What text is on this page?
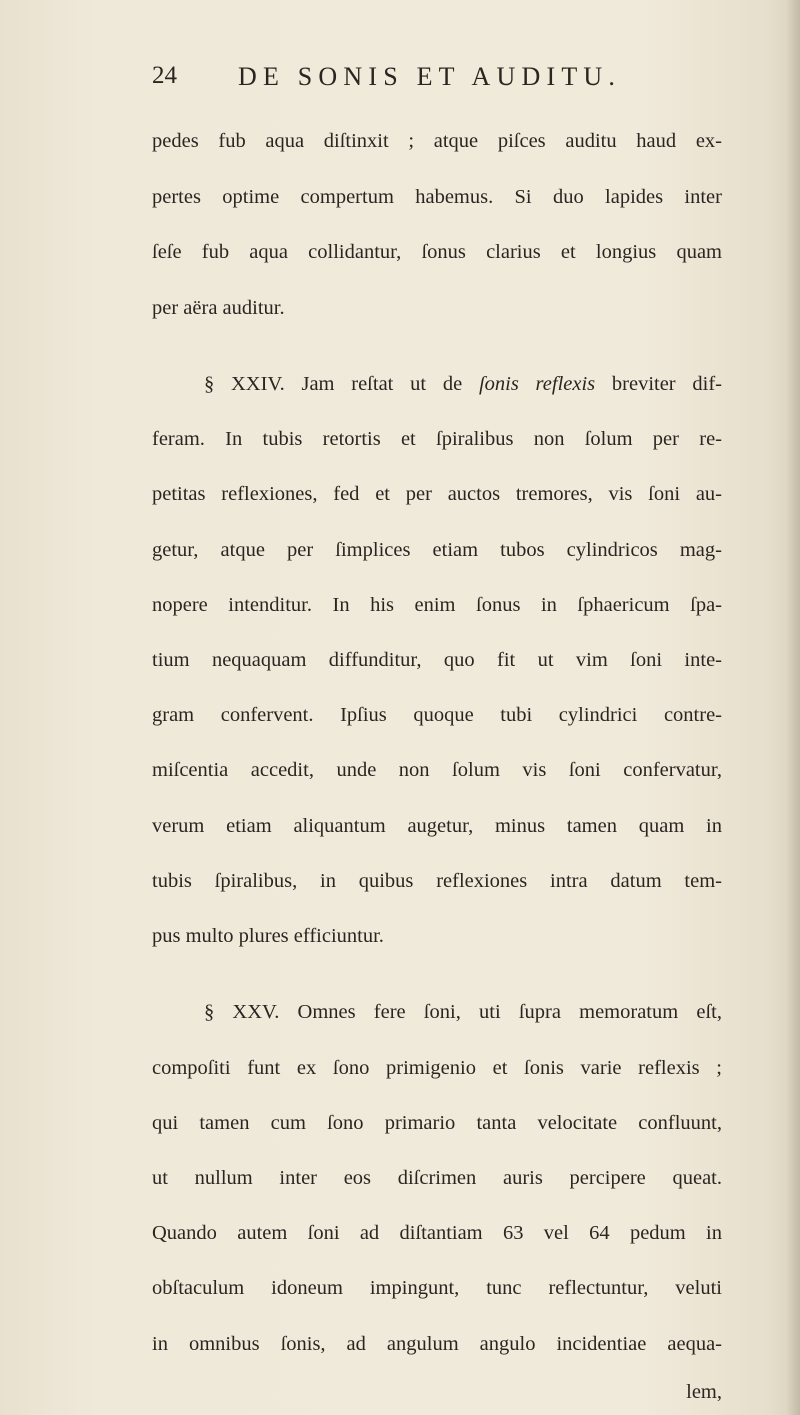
24 DE SONIS ET AUDITU.
pedes fub aqua diſtinxit ; atque piſces auditu haud ex-
pertes optime compertum habemus. Si duo lapides inter
ſeſe fub aqua collidantur, ſonus clarius et longius quam
per aëra auditur.
§ XXIV. Jam reſtat ut de ſonis reflexis breviter dif-
feram. In tubis retortis et ſpiralibus non ſolum per re-
petitas reflexiones, fed et per auctos tremores, vis ſoni au-
getur, atque per ſimplices etiam tubos cylindricos mag-
nopere intenditur. In his enim ſonus in ſphaericum ſpa-
tium nequaquam diffunditur, quo fit ut vim ſoni inte-
gram confervent. Ipſius quoque tubi cylindrici contre-
miſcentia accedit, unde non ſolum vis ſoni confervatur,
verum etiam aliquantum augetur, minus tamen quam in
tubis ſpiralibus, in quibus reflexiones intra datum tem-
pus multo plures efficiuntur.
§ XXV. Omnes fere ſoni, uti ſupra memoratum eſt,
compoſiti funt ex ſono primigenio et ſonis varie reflexis ;
qui tamen cum ſono primario tanta velocitate confluunt,
ut nullum inter eos diſcrimen auris percipere queat.
Quando autem ſoni ad diſtantiam 63 vel 64 pedum in
obſtaculum idoneum impingunt, tunc reflectuntur, veluti
in omnibus ſonis, ad angulum angulo incidentiae aequa-
lem,
